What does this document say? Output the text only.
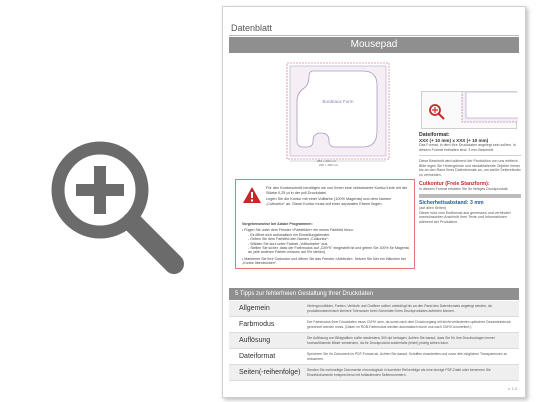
Datenblatt
Mousepad
Bordeaux Form
256 × 200 mm
236 × 180 mm
Dateiformat:
XXX (+ 10 mm) x XXX (+ 10 mm)
Das Format, in dem Ihre Druckdaten angelegt sein sollten. In diesem Format enthalten sind: 3 mm Beschnitt.
Diese Beschnitt wird während der Produktion von uns entfernt. Bitte legen Sie Hintergründe und randabfallende Objekte immer bis an den Rand Ihres Datenformats an, um weiße Seitenränder zu vermeiden.
Cutkontur (Freie Stanzform):
In diesem Format erhalten Sie Ihr fertiges Druckprodukt.
Sicherheitsabstand: 3 mm
(auf allen Seiten)
Dieser wird vom Endformat aus gemessen und verhindert unerwünschten Anschnitt Ihrer Texte und Informationen während der Produktion.
Für den Konturschnitt benötigen wir von Ihnen eine vektorisierte Kontur/Linie mit der Stärke 0,25 pt in der pdf-Druckdatei.
Legen Sie die Kontur mit einer Vollfarbe (100% Magenta) und dem Namen „Cutkontur“ an. Diese Kontur muss auf einer separaten Ebene liegen.
Vorgehensweise bei Adobe Programmen:
• Fügen Sie unter dem Fenster »Farbfelder« ein neues Farbfeld hinzu.
- Es öffnet sich automatisch ein Einstellungsfenster.
- Geben Sie dem Farbfeld den Namen „Cutkontur“.
- Wählen Sie kurz unter Farbart „Volltonfarbe“ aus.
- Stellen Sie sicher, dass der Farbmodus auf „CMYK“ eingestellt ist und geben Sie 100% für Magenta an (alle anderen Farben müssen auf 0% stehen).
• Markieren Sie Ihre Cutkontur und öffnen Sie das Fenster »Attribute«. Setzen Sie hier ein Häkchen bei „Kontur überdrucken“.
5 Tipps zur fehlerfreien Gestaltung Ihrer Druckdaten
Allgemein	Hintergrundbilder, Farben, Verläufe und Grafiken sollten unbedingt bis an den Rand des Datenformats angelegt werden, da produktionstechnisch kleinere Toleranzen beim Schneiden Ihres Druckproduktes auftreten können.
Farbmodus	Der Farbmodus Ihrer Druckdaten muss CMYK sein, da sonst nach dem Druckvorgang mit leicht veränderten optischen Gesamteindruck gerechnet werden muss. (Daten im RGB-Farbmodus werden automatisch durch uns nach CMYK konvertiert.)
Auflösung	Die Auflösung von Bildgrafiken sollte mindestens 300 dpi betragen. Achten Sie darauf, dass Sie für Ihre Druckvorlagen immer hochauflösende Bilder verwenden, da Ihr Druckprodukt andernfalls (leicht) pixelig wirken kann.
Dateiformat	Speichern Sie Ihr Dokument im PDF-Format ab. Achten Sie darauf, Schriften einzubetten und zuvor alle möglichen Transparenzen zu reduzieren.
Seiten(-reihenfolge)	Senden Sie mehrseitige Dokumente chronologisch in korrekter Reihenfolge als eine einzige PDF-Datei oder benennen Sie Einzeldokumente entsprechend mit fortlaufenden Seitennummern.
v. 1.0
